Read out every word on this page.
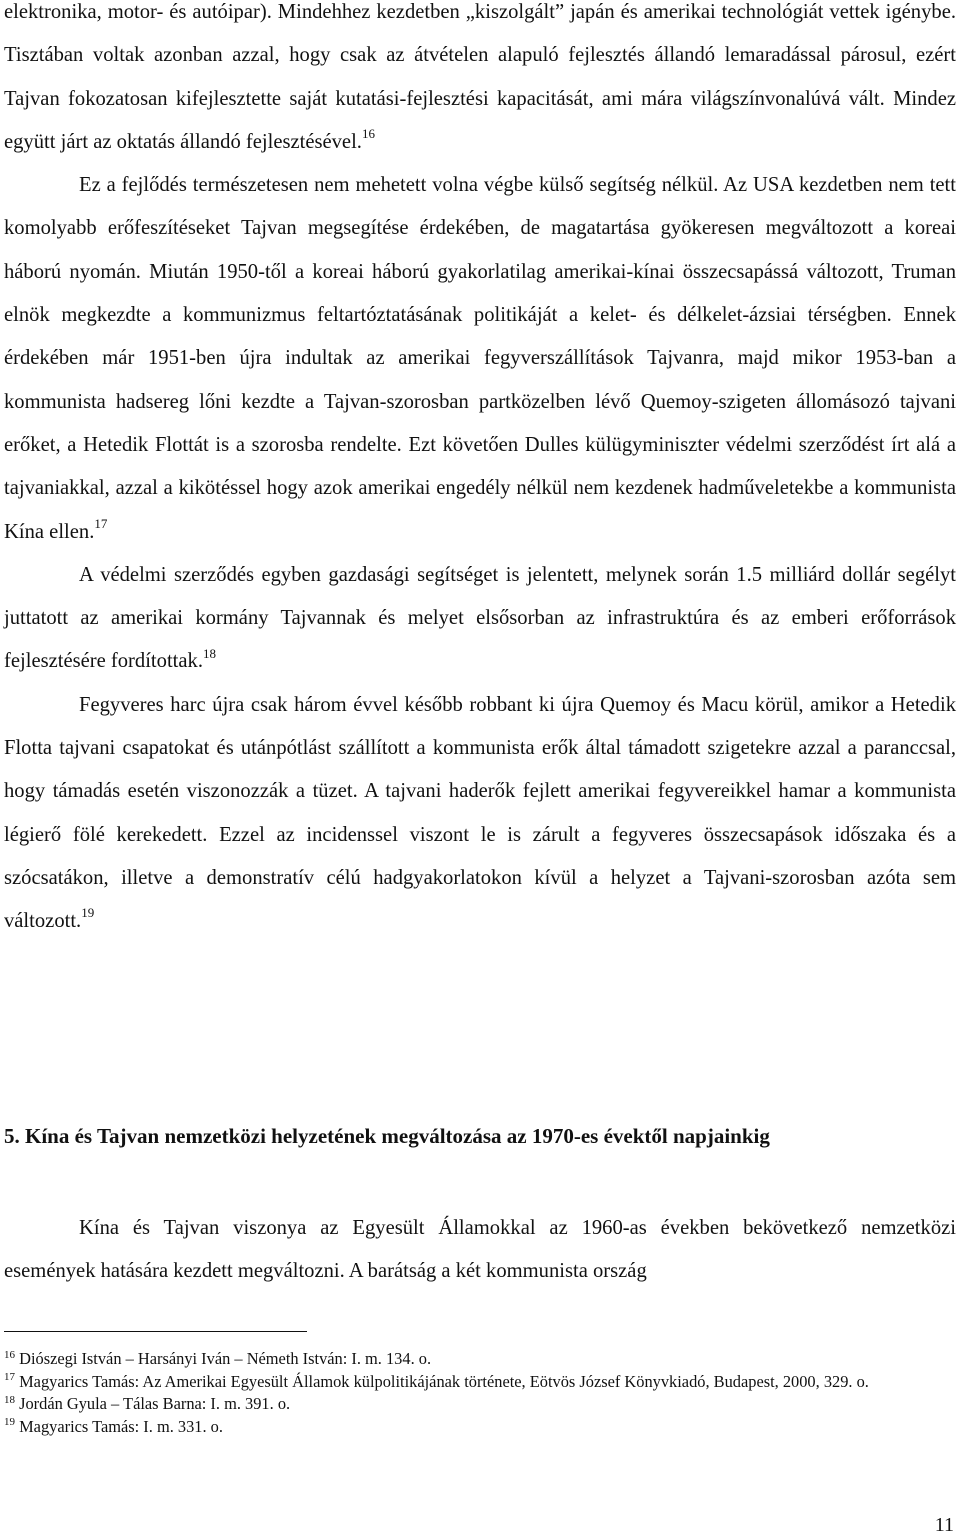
elektronika, motor- és autóipar). Mindehhez kezdetben „kiszolgált” japán és amerikai technológiát vettek igénybe. Tisztában voltak azonban azzal, hogy csak az átvételen alapuló fejlesztés állandó lemaradással párosul, ezért Tajvan fokozatosan kifejlesztette saját kutatási-fejlesztési kapacitását, ami mára világszínvonalúvá vált. Mindez együtt járt az oktatás állandó fejlesztésével.$^{16}$

Ez a fejlődés természetesen nem mehetett volna végbe külső segítség nélkül. Az USA kezdetben nem tett komolyabb erőfeszítéseket Tajvan megsegítése érdekében, de magatartása gyökeresen megváltozott a koreai háború nyomán. Miután 1950-től a koreai háború gyakorlatilag amerikai-kínai összecsapássá változott, Truman elnök megkezdte a kommunizmus feltartóztatásának politikáját a kelet- és délkelet-ázsiai térségben. Ennek érdekében már 1951-ben újra indultak az amerikai fegyverszállítások Tajvanra, majd mikor 1953-ban a kommunista hadsereg lőni kezdte a Tajvan-szorosban partközelben lévő Quemoy-szigeten állomásozó tajvani erőket, a Hetedik Flottát is a szorosba rendelte. Ezt követően Dulles külügyminiszter védelmi szerződést írt alá a tajvaniakkal, azzal a kikötéssel hogy azok amerikai engedély nélkül nem kezdenek hadműveletekbe a kommunista Kína ellen.$^{17}$

A védelmi szerződés egyben gazdasági segítséget is jelentett, melynek során 1.5 milliárd dollár segélyt juttatott az amerikai kormány Tajvannak és melyet elsősorban az infrastruktúra és az emberi erőforrások fejlesztésére fordítottak.$^{18}$

Fegyveres harc újra csak három évvel később robbant ki újra Quemoy és Macu körül, amikor a Hetedik Flotta tajvani csapatokat és utánpótlást szállított a kommunista erők által támadott szigetekre azzal a paranccsal, hogy támadás esetén viszonozzák a tüzet. A tajvani haderők fejlett amerikai fegyvereikkel hamar a kommunista légierő fölé kerekedett. Ezzel az incidenssel viszont le is zárult a fegyveres összecsapások időszaka és a szócsatákon, illetve a demonstratív célú hadgyakorlatokon kívül a helyzet a Tajvani-szorosban azóta sem változott.$^{19}$

5. Kína és Tajvan nemzetközi helyzetének megváltozása az 1970-es évektől napjainkig

Kína és Tajvan viszonya az Egyesült Államokkal az 1960-as években bekövetkező nemzetközi események hatására kezdett megváltozni. A barátság a két kommunista ország

$^{16}$ Diószegi István – Harsányi Iván – Németh István: I. m. 134. o.

$^{17}$ Magyarics Tamás: Az Amerikai Egyesült Államok külpolitikájának története, Eötvös József Könyvkiadó, Budapest, 2000, 329. o.

$^{18}$ Jordán Gyula – Tálas Barna: I. m. 391. o.

$^{19}$ Magyarics Tamás: I. m. 331. o.

11
